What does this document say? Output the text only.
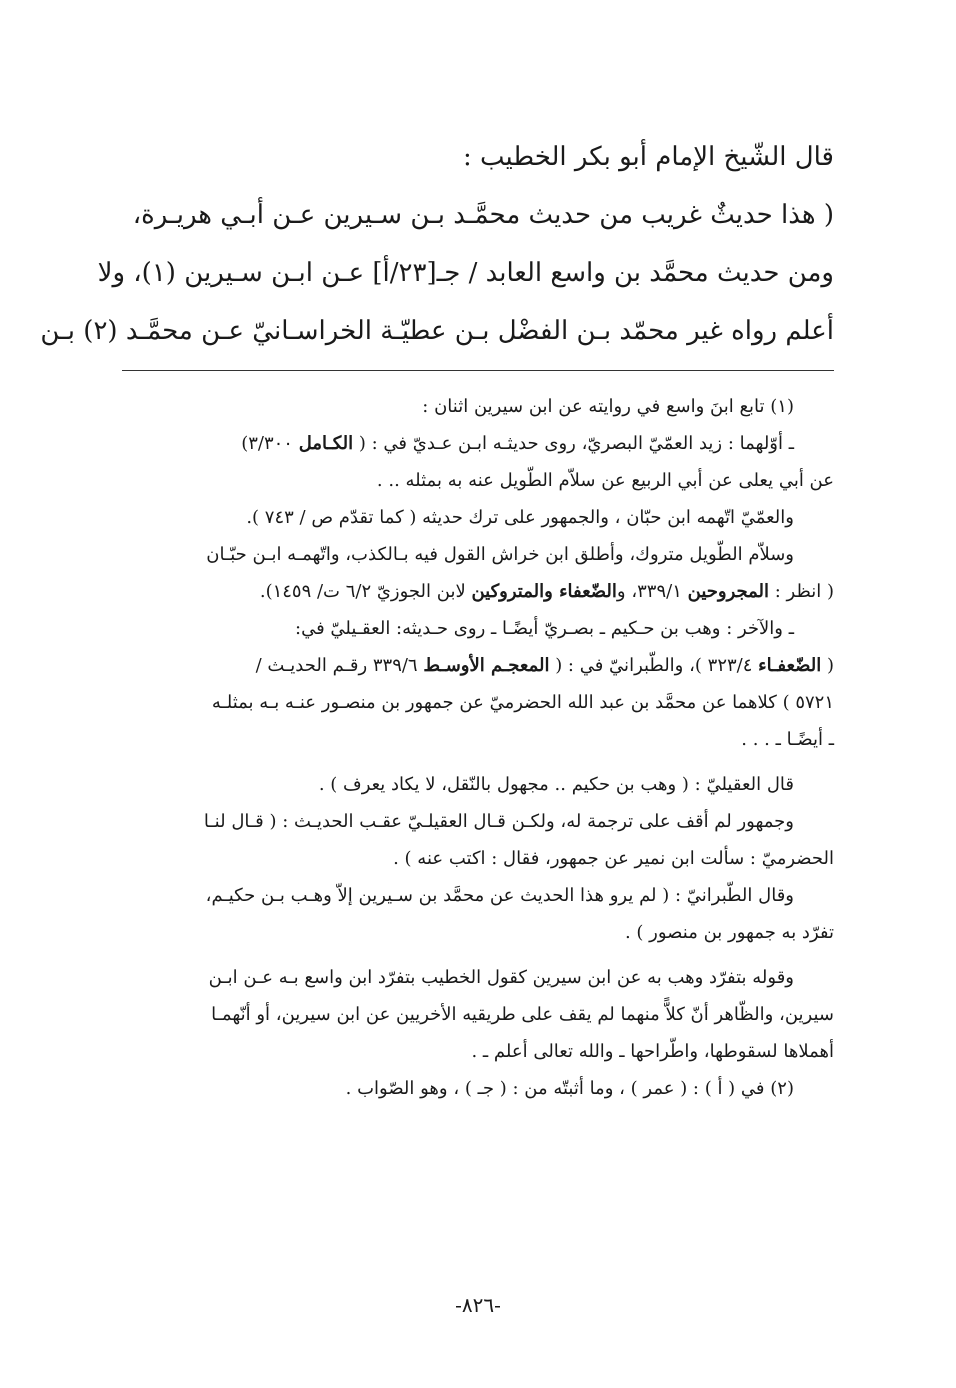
قال الشّيخ الإمام أبو بكر الخطيب :

( هذا حديثٌ غريب من حديث محمَّـد بـن سـيرين عـن أبـي هريـرة،

ومن حديث محمَّد بن واسع العابد / جـ[٢٣/أ] عـن ابـن سـيرين (١)، ولا

أعلم رواه غير محمّد بـن الفضْل بـن عطيّـة الخراسـانيّ عـن محمَّـد (٢) بـن

(١) تابع ابنَ واسع في روايته عن ابن سيرين اثنان :

ـ أوّلهما : زيد العمّيّ البصريّ، روى حديثـه ابـن عـديّ في : ( الكـامل ٣/٣٠٠)

عن أبي يعلى عن أبي الربيع عن سلاّم الطّويل عنه به بمثله .. .

والعمّيّ اتّهمه ابن حبّان ، والجمهور على ترك حديثه ( كما تقدّم ص / ٧٤٣ ).

وسلاّم الطّويل متروك، وأطلق ابن خراش القول فيه بـالكذب، واتّهمـه ابـن حبّـان

( انظر : المجروحين ٣٣٩/١، والضّعفاء والمتروكين لابن الجوزيّ ٦/٢ ت/ ١٤٥٩).

ـ والآخر : وهب بن حـكيم ـ بصـريّ أيضًـا ـ روى حـديثه: العقـيليّ في:

( الضّعفـاء ٣٢٣/٤ )، والطّبرانيّ في : ( المعجـم الأوسـط ٣٣٩/٦ رقـم الحديـث /

٥٧٢١ ) كلاهما عن محمَّد بن عبد الله الحضرميّ عن جمهور بن منصـور عنـه بـه بمثلـه

ـ أيضًـا ـ . . .

قال العقيليّ : ( وهب بن حكيم .. مجهول بالنّقل، لا يكاد يعرف ) .

وجمهور لم أقف على ترجمة له، ولكـن قـال العقيلـيّ عقـب الحديـث : ( قـال لنـا

الحضرميّ : سألت ابن نمير عن جمهور، فقال : اكتب عنه ) .

وقال الطّبرانيّ : ( لم يرو هذا الحديث عن محمَّد بن سـيرين إلاّ وهـب بـن حكيـم،

تفرّد به جمهور بن منصور ) .

وقوله بتفرّد وهب به عن ابن سيرين كقول الخطيب بتفرّد ابن واسع بـه عـن ابـن

سيرين، والظّاهر أنّ كلاًّ منهما لم يقف على طريقيه الأخريين عن ابن سيرين، أو أنّهمـا

أهملاها لسقوطها، واطّراحها ـ والله تعالى أعلم ـ .

(٢) في ( أ ) : ( عمر ) ، وما أثبتّه من : ( جـ ) ، وهو الصّواب .

-٨٢٦-
